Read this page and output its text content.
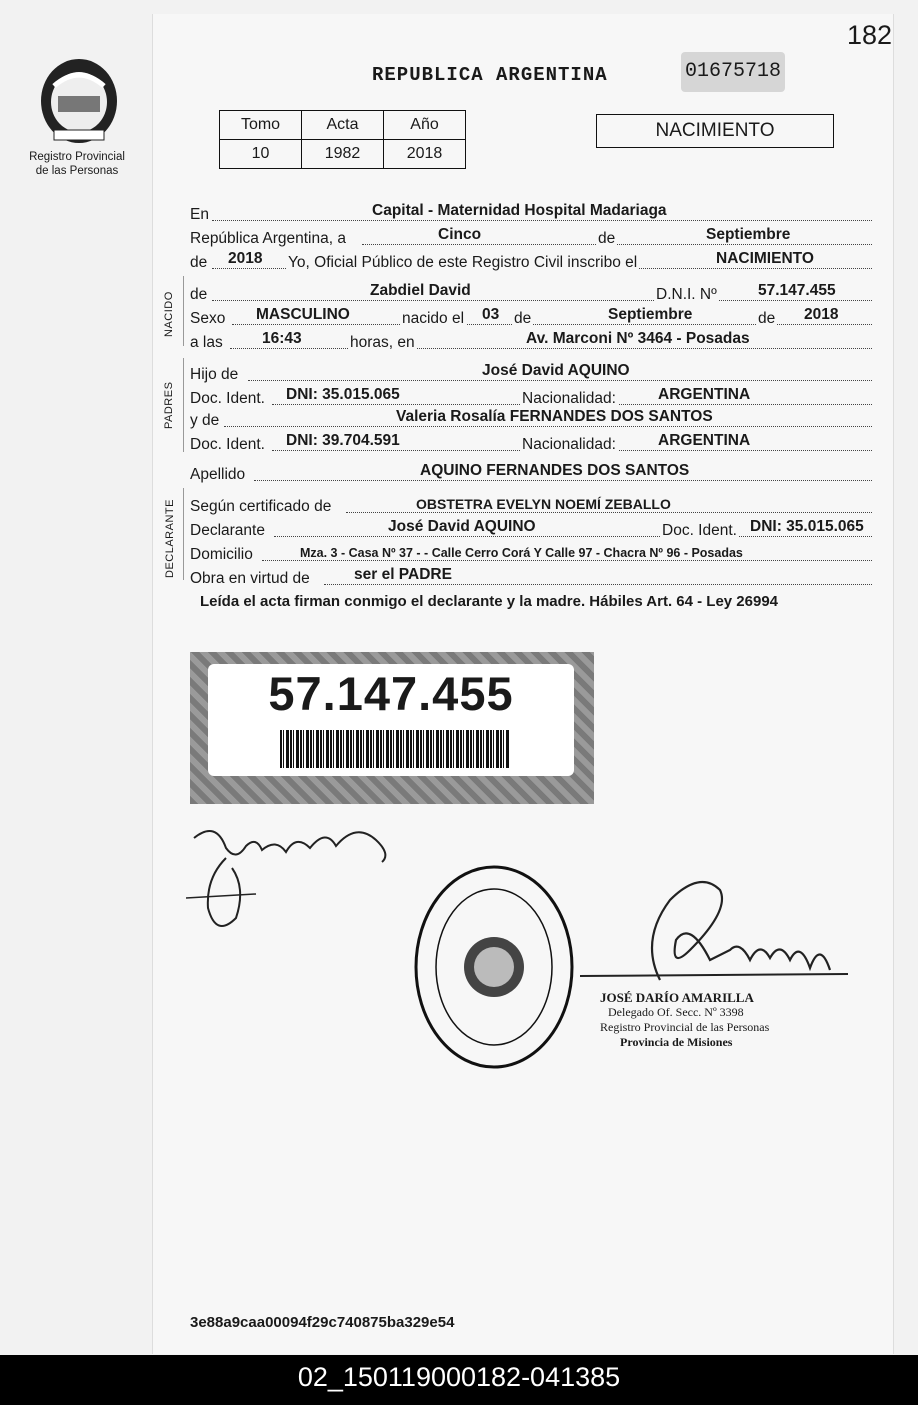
182
Registro Provincial
de las Personas
REPUBLICA ARGENTINA	01675718
Tomo	Acta	Año
10	1982	2018
NACIMIENTO
En	Capital - Maternidad Hospital Madariaga
República Argentina, a	Cinco	de	Septiembre
de 2018 Yo, Oficial Público de este Registro Civil inscribo el	NACIMIENTO
NACIDO de	Zabdiel David	D.N.I. Nº	57.147.455
Sexo MASCULINO	nacido el 03 de	Septiembre	de 2018
a las	16:43	horas, en	Av. Marconi Nº 3464 - Posadas
PADRES
Hijo de	José David AQUINO
Doc. Ident. DNI: 35.015.065	Nacionalidad:	ARGENTINA
y de	Valeria Rosalía FERNANDES DOS SANTOS
Doc. Ident. DNI: 39.704.591	Nacionalidad:	ARGENTINA
Apellido	AQUINO FERNANDES DOS SANTOS
DECLARANTE Según certificado de	OBSTETRA EVELYN NOEMÍ ZEBALLO
Declarante	José David AQUINO	Doc. Ident. DNI: 35.015.065
Domicilio	Mza. 3 - Casa Nº 37 - - Calle Cerro Corá Y Calle 97 - Chacra Nº 96 - Posadas
Obra en virtud de	ser el PADRE
Leída el acta firman conmigo el declarante y la madre. Hábiles Art. 64 - Ley 26994
57.147.455
JOSÉ DARÍO AMARILLA
Delegado Of. Secc. Nº 3398
Registro Provincial de las Personas
Provincia de Misiones
3e88a9caa00094f29c740875ba329e54
02_150119000182-041385
